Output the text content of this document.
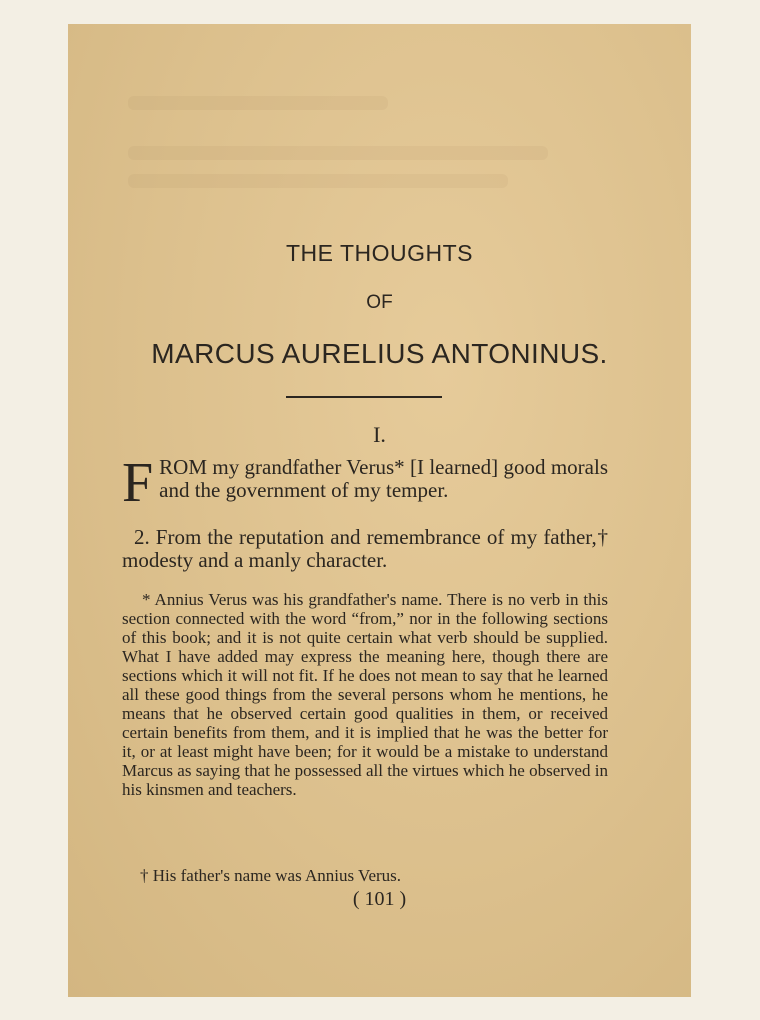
THE THOUGHTS
OF
MARCUS AURELIUS ANTONINUS.
I.
FROM my grandfather Verus* [I learned] good morals and the government of my temper.
2. From the reputation and remembrance of my father,† modesty and a manly character.
* Annius Verus was his grandfather's name. There is no verb in this section connected with the word “from,” nor in the following sections of this book; and it is not quite certain what verb should be supplied. What I have added may express the meaning here, though there are sections which it will not fit. If he does not mean to say that he learned all these good things from the several persons whom he mentions, he means that he observed certain good qualities in them, or received certain benefits from them, and it is implied that he was the better for it, or at least might have been; for it would be a mistake to understand Marcus as saying that he possessed all the virtues which he observed in his kinsmen and teachers.
† His father's name was Annius Verus.
( 101 )
